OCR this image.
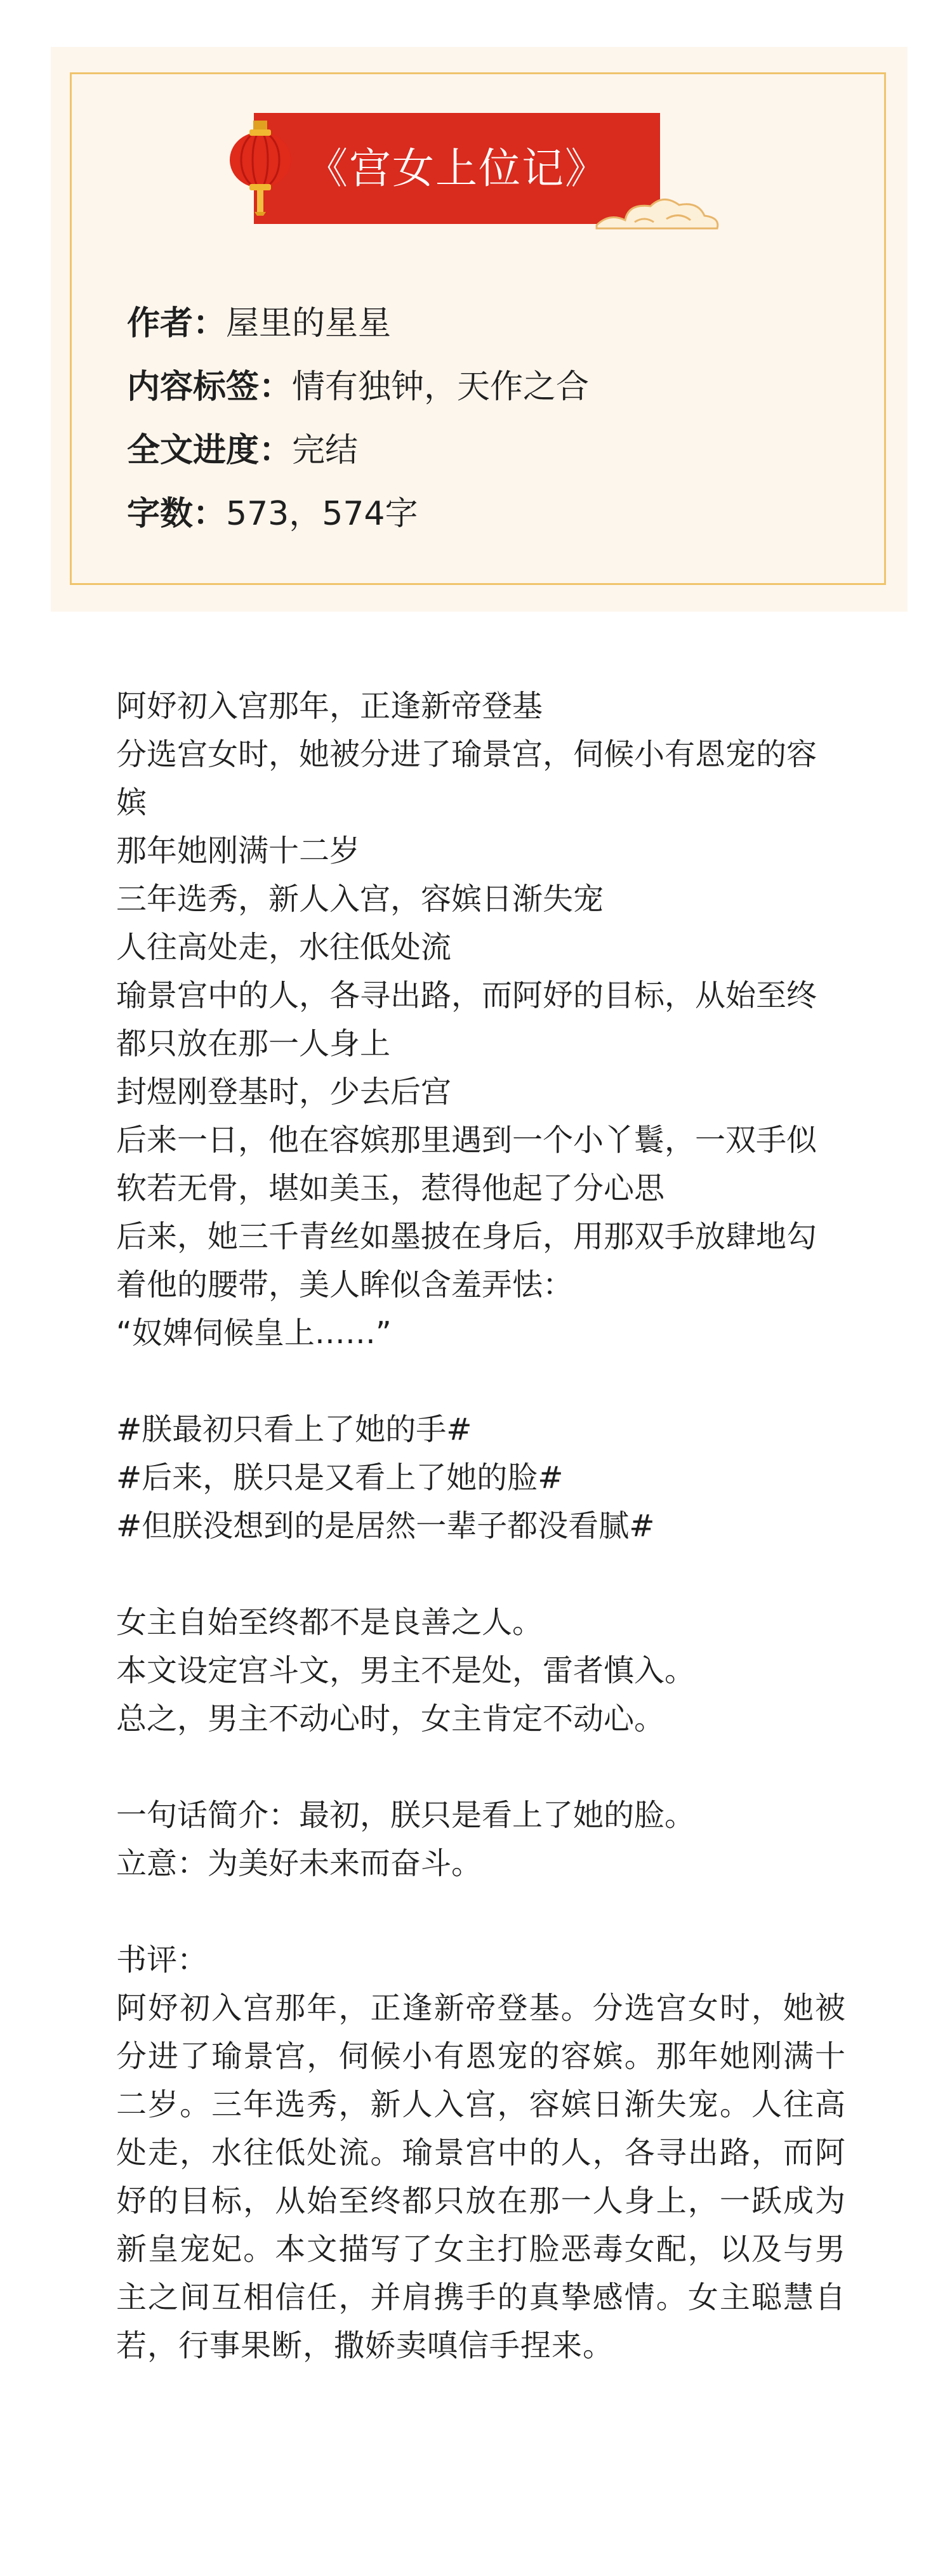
《宫女上位记》
作者：屋里的星星
内容标签：情有独钟，天作之合
全文进度：完结
字数：573，574字

阿妤初入宫那年，正逢新帝登基

分选宫女时，她被分进了瑜景宫，伺候小有恩宠的容嫔

那年她刚满十二岁

三年选秀，新人入宫，容嫔日渐失宠

人往高处走，水往低处流

瑜景宫中的人，各寻出路，而阿妤的目标，从始至终都只放在那一人身上

封煜刚登基时，少去后宫

后来一日，他在容嫔那里遇到一个小丫鬟，一双手似软若无骨，堪如美玉，惹得他起了分心思

后来，她三千青丝如墨披在身后，用那双手放肆地勾着他的腰带，美人眸似含羞弄怯：

“奴婢伺候皇上……”

#朕最初只看上了她的手#

#后来，朕只是又看上了她的脸#

#但朕没想到的是居然一辈子都没看腻#

女主自始至终都不是良善之人。

本文设定宫斗文，男主不是处，雷者慎入。

总之，男主不动心时，女主肯定不动心。

一句话简介：最初，朕只是看上了她的脸。

立意：为美好未来而奋斗。

书评：

阿妤初入宫那年，正逢新帝登基。分选宫女时，她被分进了瑜景宫，伺候小有恩宠的容嫔。那年她刚满十二岁。三年选秀，新人入宫，容嫔日渐失宠。人往高处走，水往低处流。瑜景宫中的人，各寻出路，而阿妤的目标，从始至终都只放在那一人身上，一跃成为新皇宠妃。本文描写了女主打脸恶毒女配，以及与男主之间互相信任，并肩携手的真挚感情。女主聪慧自若，行事果断，撒娇卖嗔信手捏来。
